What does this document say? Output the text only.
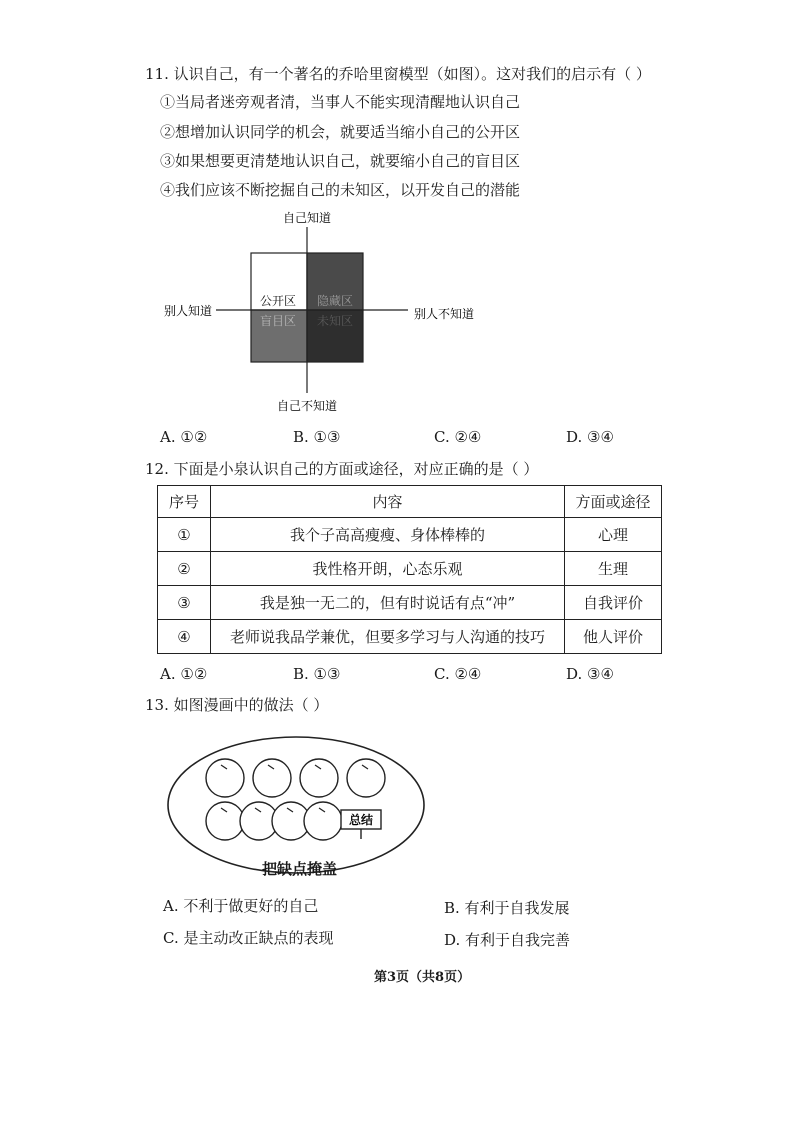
11. 认识自己，有一个著名的乔哈里窗模型（如图）。这对我们的启示有（ ）
①当局者迷旁观者清，当事人不能实现清醒地认识自己
②想增加认识同学的机会，就要适当缩小自己的公开区
③如果想要更清楚地认识自己，就要缩小自己的盲目区
④我们应该不断挖掘自己的未知区，以开发自己的潜能
自己知道
自己不知道
别人知道	别人不知道
公开区 隐藏区
盲目区 未知区
A. ①②	B. ①③	C. ②④	D. ③④
12. 下面是小泉认识自己的方面或途径，对应正确的是（ ）
序号	内容	方面或途径
①	我个子高高瘦瘦、身体棒棒的	心理
②	我性格开朗，心态乐观	生理
③	我是独一无二的，但有时说话有点“冲”	自我评价
④	老师说我品学兼优，但要多学习与人沟通的技巧	他人评价
A. ①②	B. ①③	C. ②④	D. ③④
13. 如图漫画中的做法（ ）
总结
把缺点掩盖
A. 不利于做更好的自己	B. 有利于自我发展
C. 是主动改正缺点的表现	D. 有利于自我完善
第3页（共8页）
